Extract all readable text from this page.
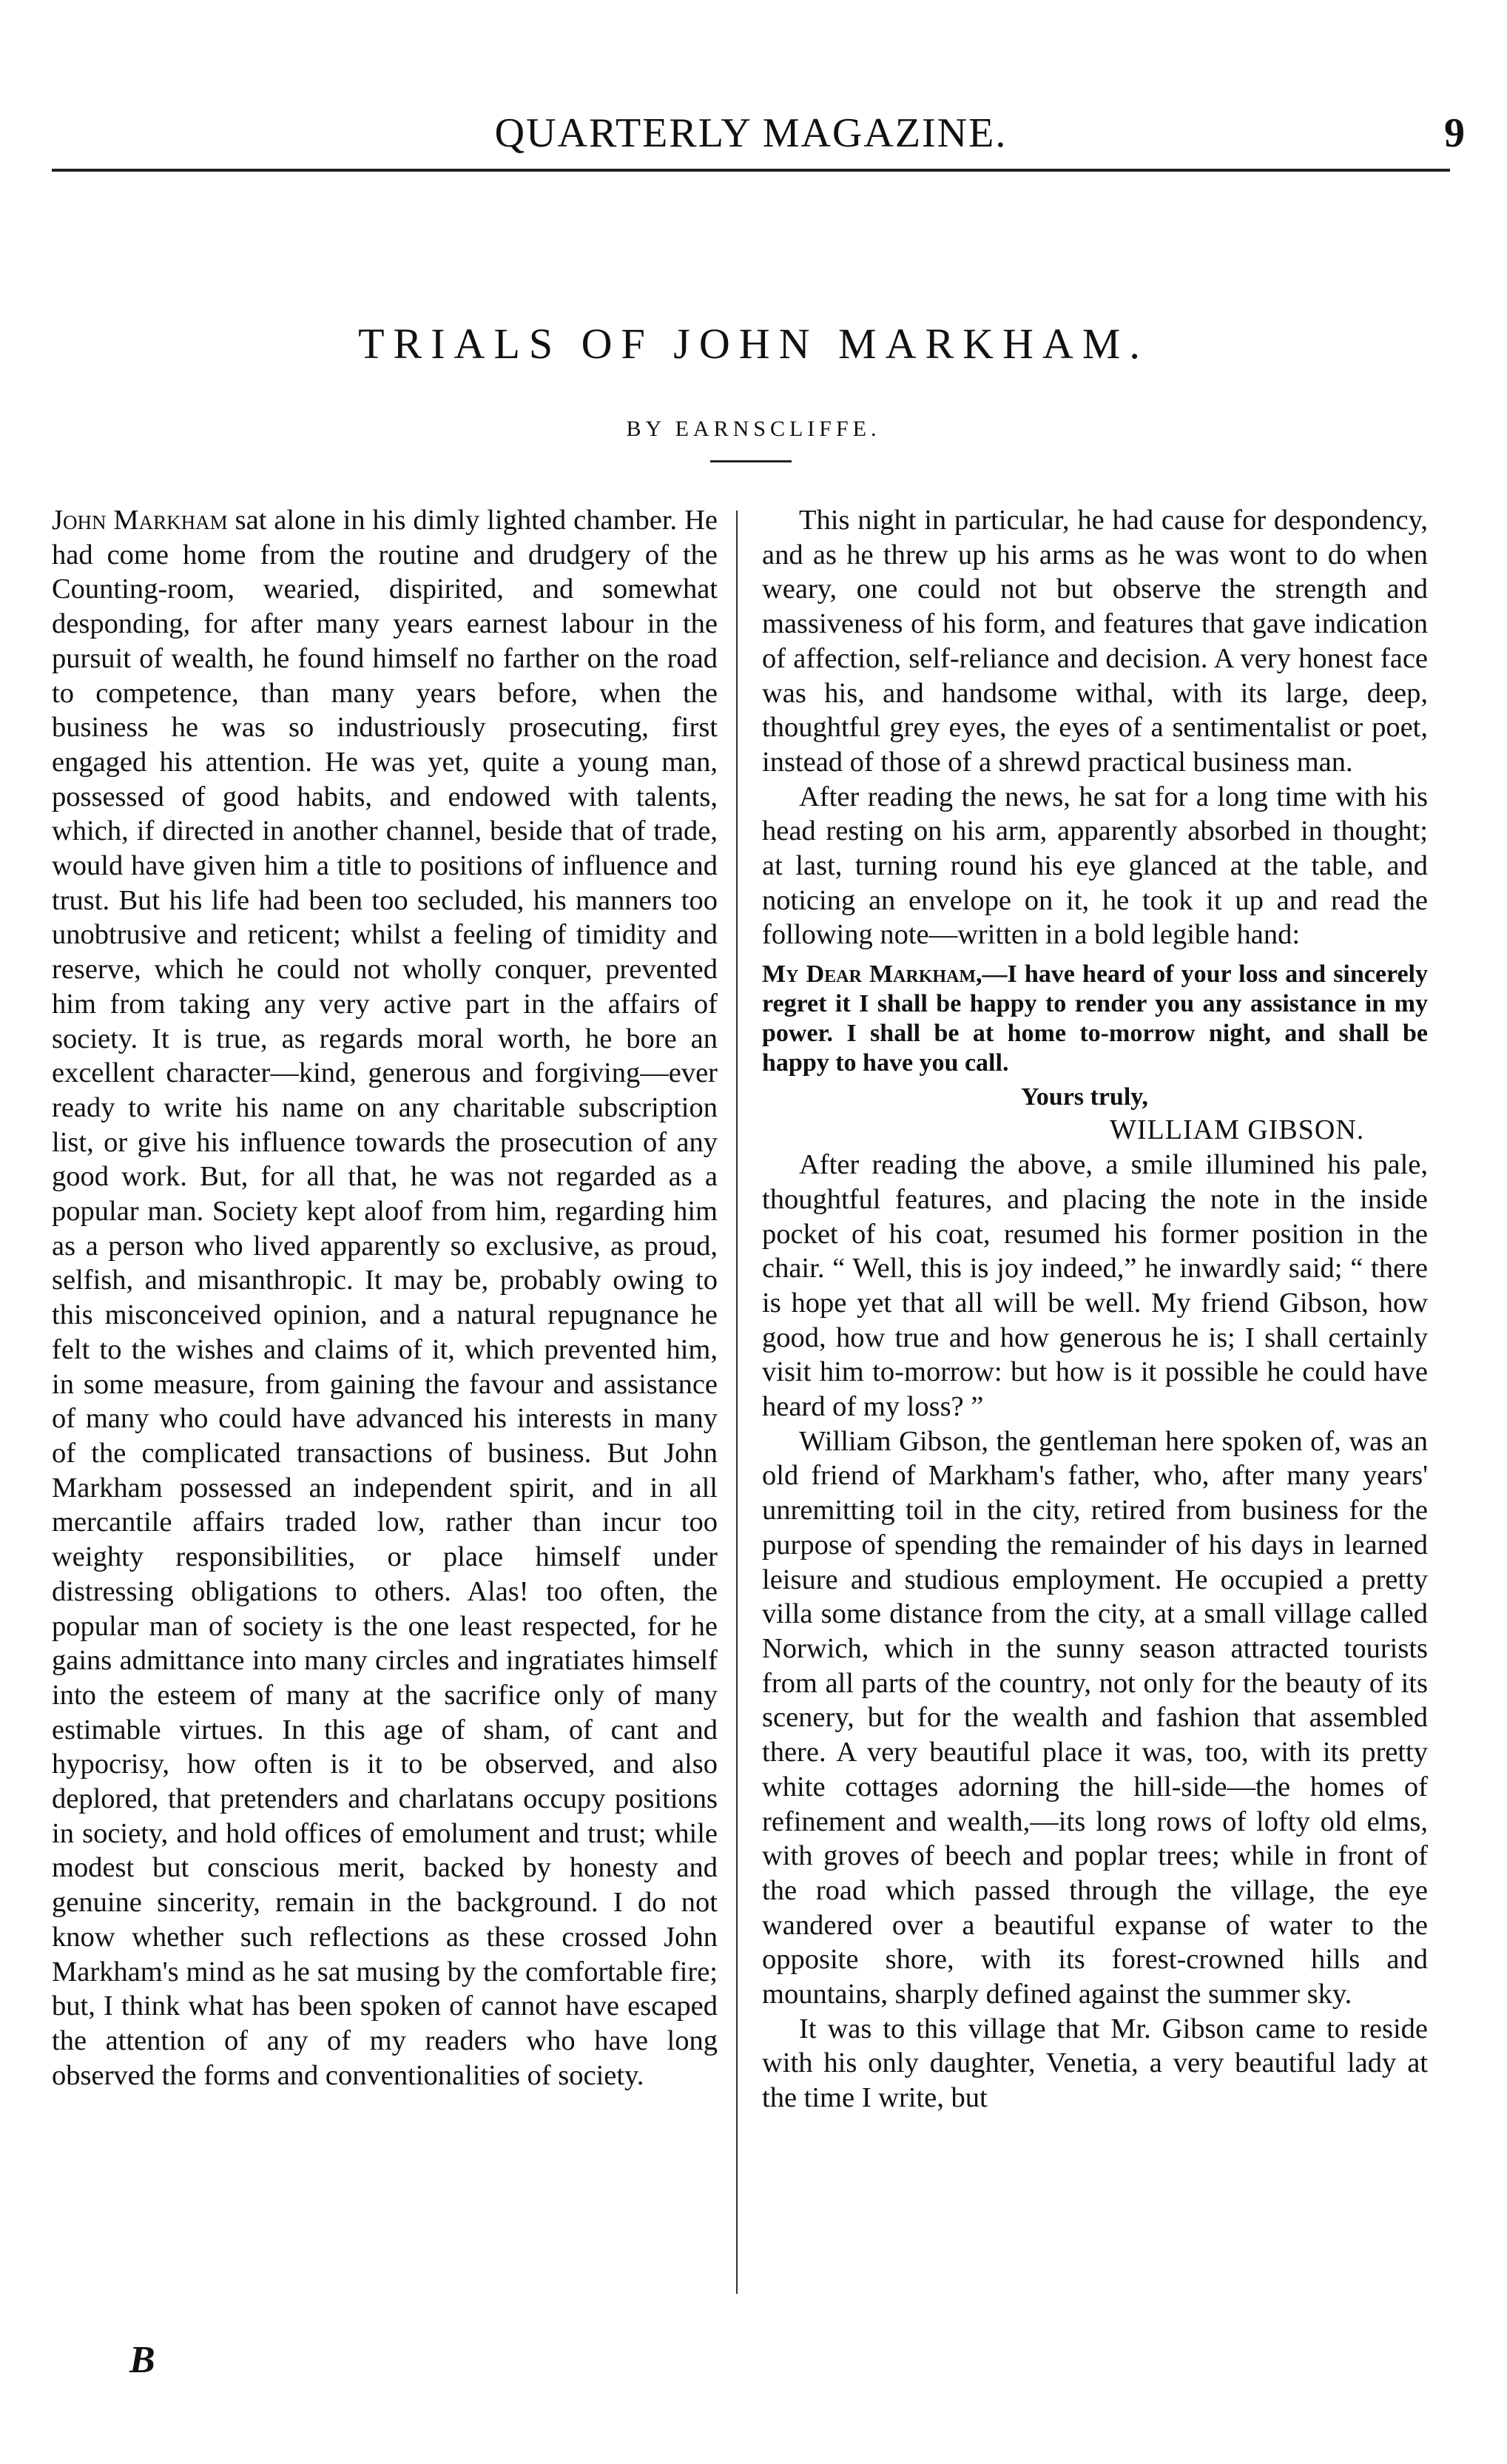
QUARTERLY MAGAZINE.	9
TRIALS OF JOHN MARKHAM.
BY EARNSCLIFFE.

John Markham sat alone in his dimly lighted chamber. He had come home from the routine and drudgery of the Counting-room, wearied, dispirited, and somewhat desponding, for after many years earnest labour in the pursuit of wealth, he found himself no farther on the road to competence, than many years before, when the business he was so industriously prosecuting, first engaged his attention. He was yet, quite a young man, possessed of good habits, and endowed with talents, which, if directed in another channel, beside that of trade, would have given him a title to positions of influence and trust. But his life had been too secluded, his manners too unobtrusive and reticent; whilst a feeling of timidity and reserve, which he could not wholly conquer, prevented him from taking any very active part in the affairs of society. It is true, as regards moral worth, he bore an excellent character—kind, generous and forgiving—ever ready to write his name on any charitable subscription list, or give his influence towards the prosecution of any good work. But, for all that, he was not regarded as a popular man. Society kept aloof from him, regarding him as a person who lived apparently so exclusive, as proud, selfish, and misanthropic. It may be, probably owing to this misconceived opinion, and a natural repugnance he felt to the wishes and claims of it, which prevented him, in some measure, from gaining the favour and assistance of many who could have advanced his interests in many of the complicated transactions of business. But John Markham possessed an independent spirit, and in all mercantile affairs traded low, rather than incur too weighty responsibilities, or place himself under distressing obligations to others. Alas! too often, the popular man of society is the one least respected, for he gains admittance into many circles and ingratiates himself into the esteem of many at the sacrifice only of many estimable virtues. In this age of sham, of cant and hypocrisy, how often is it to be observed, and also deplored, that pretenders and charlatans occupy positions in society, and hold offices of emolument and trust; while modest but conscious merit, backed by honesty and genuine sincerity, remain in the background. I do not know whether such reflections as these crossed John Markham's mind as he sat musing by the comfortable fire; but, I think what has been spoken of cannot have escaped the attention of any of my readers who have long observed the forms and conventionalities of society.

This night in particular, he had cause for despondency, and as he threw up his arms as he was wont to do when weary, one could not but observe the strength and massiveness of his form, and features that gave indication of affection, self-reliance and decision. A very honest face was his, and handsome withal, with its large, deep, thoughtful grey eyes, the eyes of a sentimentalist or poet, instead of those of a shrewd practical business man.

After reading the news, he sat for a long time with his head resting on his arm, apparently absorbed in thought; at last, turning round his eye glanced at the table, and noticing an envelope on it, he took it up and read the following note—written in a bold legible hand:

My Dear Markham,—I have heard of your loss and sincerely regret it I shall be happy to render you any assistance in my power. I shall be at home to-morrow night, and shall be happy to have you call.

Yours truly,

WILLIAM GIBSON.

After reading the above, a smile illumined his pale, thoughtful features, and placing the note in the inside pocket of his coat, resumed his former position in the chair. “ Well, this is joy indeed,” he inwardly said; “ there is hope yet that all will be well. My friend Gibson, how good, how true and how generous he is; I shall certainly visit him to-morrow: but how is it possible he could have heard of my loss? ”

William Gibson, the gentleman here spoken of, was an old friend of Markham's father, who, after many years' unremitting toil in the city, retired from business for the purpose of spending the remainder of his days in learned leisure and studious employment. He occupied a pretty villa some distance from the city, at a small village called Norwich, which in the sunny season attracted tourists from all parts of the country, not only for the beauty of its scenery, but for the wealth and fashion that assembled there. A very beautiful place it was, too, with its pretty white cottages adorning the hill-side—the homes of refinement and wealth,—its long rows of lofty old elms, with groves of beech and poplar trees; while in front of the road which passed through the village, the eye wandered over a beautiful expanse of water to the opposite shore, with its forest-crowned hills and mountains, sharply defined against the summer sky.

It was to this village that Mr. Gibson came to reside with his only daughter, Venetia, a very beautiful lady at the time I write, but

B
